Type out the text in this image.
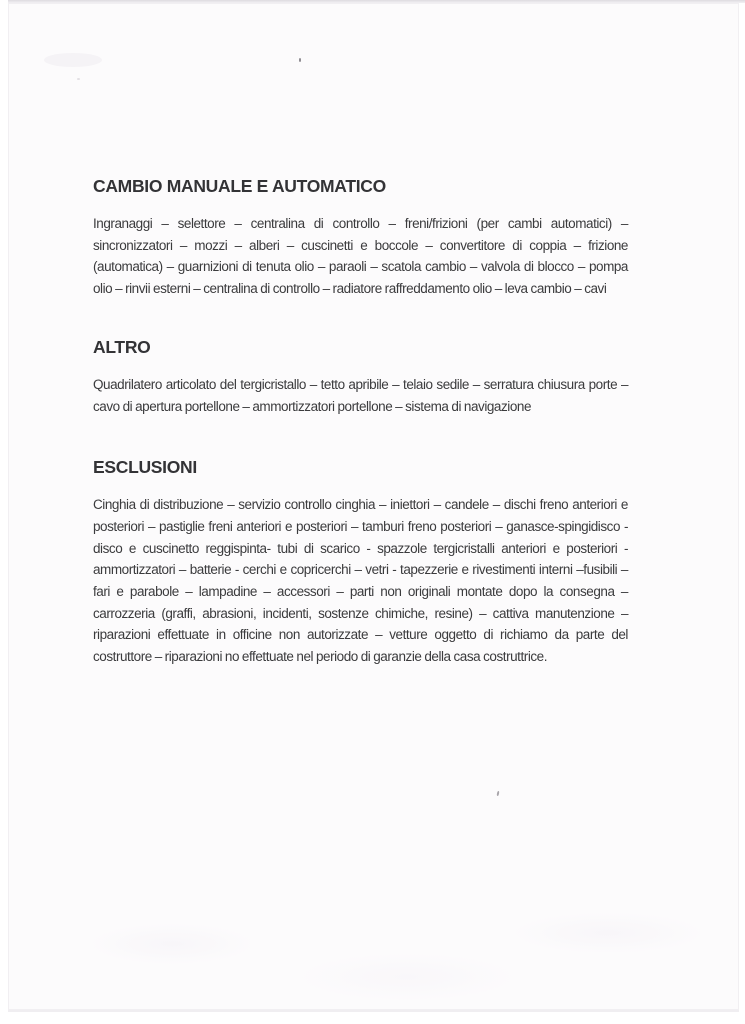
CAMBIO MANUALE E AUTOMATICO

Ingranaggi – selettore – centralina di controllo – freni/frizioni (per cambi automatici) – sincronizzatori – mozzi – alberi – cuscinetti e boccole – convertitore di coppia – frizione (automatica) – guarnizioni di tenuta olio – paraoli – scatola cambio – valvola di blocco – pompa olio – rinvii esterni – centralina di controllo – radiatore raffreddamento olio – leva cambio – cavi

ALTRO

Quadrilatero articolato del tergicristallo – tetto apribile – telaio sedile – serratura chiusura porte – cavo di apertura portellone – ammortizzatori portellone – sistema di navigazione

ESCLUSIONI

Cinghia di distribuzione – servizio controllo cinghia – iniettori – candele – dischi freno anteriori e posteriori – pastiglie freni anteriori e posteriori – tamburi freno posteriori – ganasce-spingidisco - disco e cuscinetto reggispinta- tubi di scarico - spazzole tergicristalli anteriori e posteriori - ammortizzatori – batterie - cerchi e copricerchi – vetri - tapezzerie e rivestimenti interni –fusibili – fari e parabole – lampadine – accessori – parti non originali montate dopo la consegna – carrozzeria (graffi, abrasioni, incidenti, sostenze chimiche, resine) – cattiva manutenzione – riparazioni effettuate in officine non autorizzate – vetture oggetto di richiamo da parte del costruttore – riparazioni no effettuate nel periodo di garanzie della casa costruttrice.
